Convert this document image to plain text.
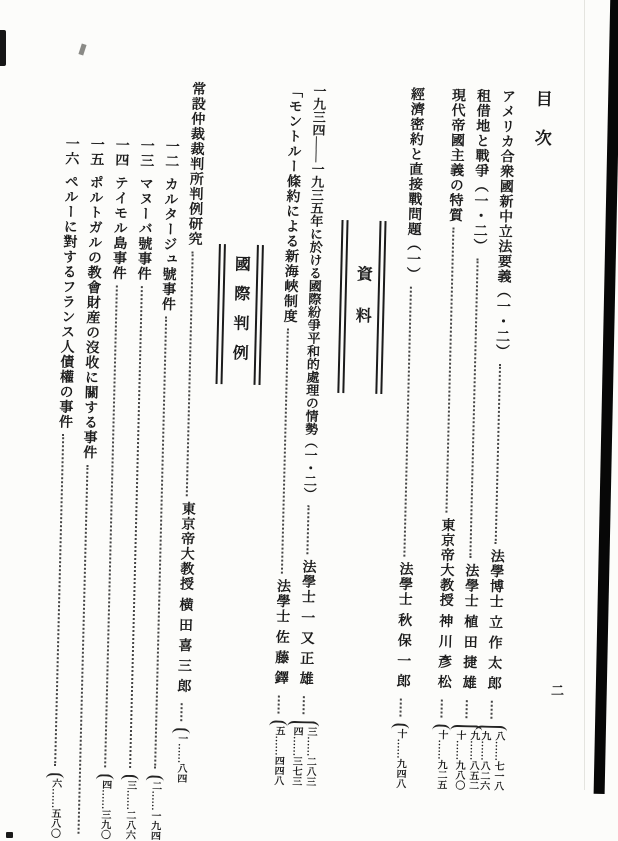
二
目次
アメリカ合衆國新中立法要義（一・二）
法學博士立作太郎
八……七一八
九……八二六
租借地と戰爭（一・二）
法學士植田捷雄
九……八五二
十……九八〇
現代帝國主義の特質
東京帝大教授神川彥松
十……九二五
經濟密約と直接戰問題（一）
法學士秋保一郎
十……九四八
資料
一九三四――一九三五年に於ける國際紛爭平和的處理の情勢（一・二）
法學士一又正雄
三……二八三
四……三七三
「モントルー條約による新海峽制度
法學士佐藤鐸
五……四四八
國際判例
常設仲裁裁判所判例研究
東京帝大教授横田喜三郎
一……八四
一二
カルタージュ號事件
二……一九四
一三
マヌーバ號事件
三……二八六
一四
テイモル島事件
四……三九〇
一五
ポルトガルの教會財産の沒收に關する事件
一六
ペルーに對するフランス人債權の事件
六……五八〇
